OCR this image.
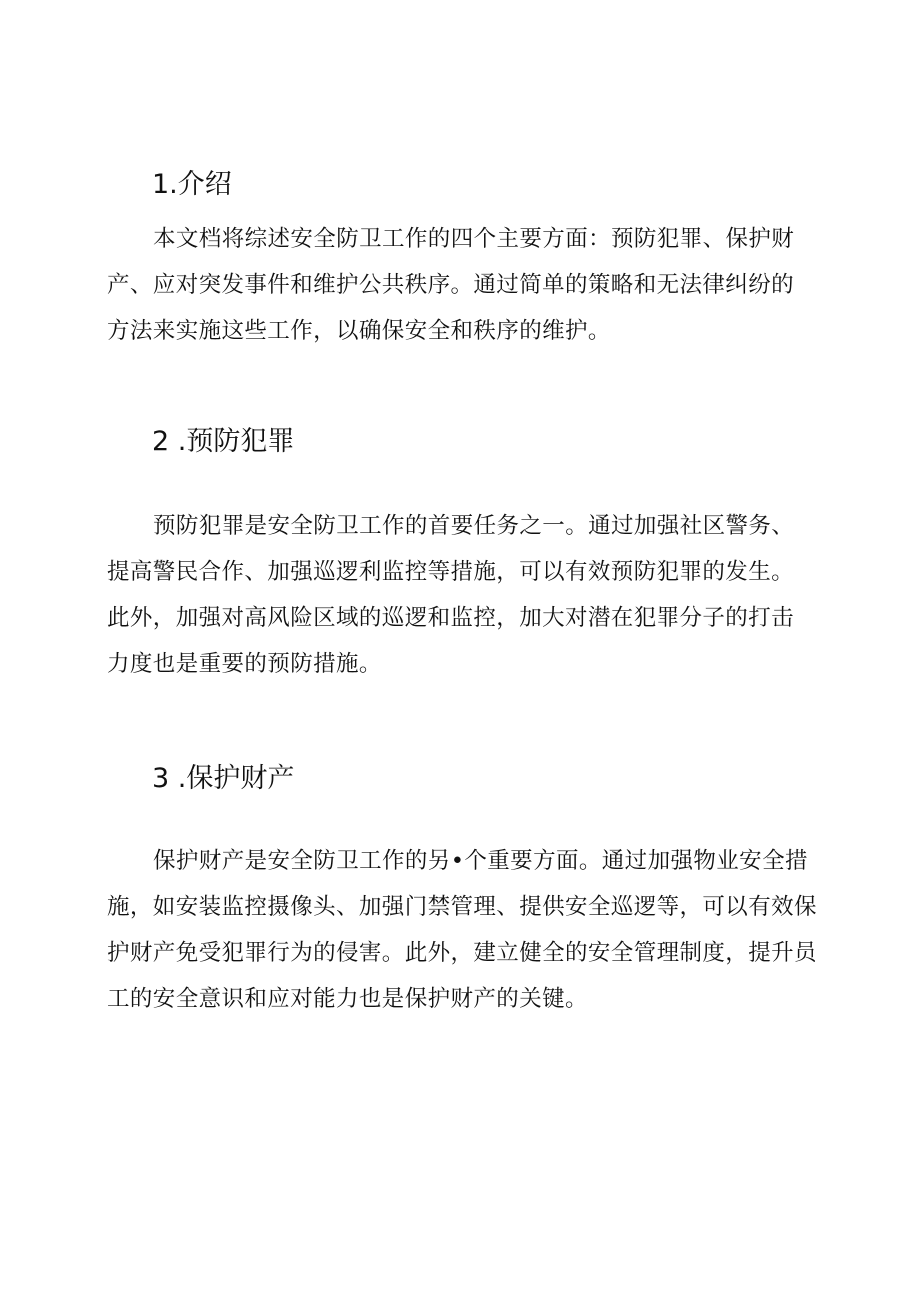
1.介绍
本文档将综述安全防卫工作的四个主要方面：预防犯罪、保护财
产、应对突发事件和维护公共秩序。通过简单的策略和无法律纠纷的
方法来实施这些工作，以确保安全和秩序的维护。
2 .预防犯罪
预防犯罪是安全防卫工作的首要任务之一。通过加强社区警务、
提高警民合作、加强巡逻利监控等措施，可以有效预防犯罪的发生。
此外，加强对高风险区域的巡逻和监控，加大对潜在犯罪分子的打击
力度也是重要的预防措施。
3 .保护财产
保护财产是安全防卫工作的另•个重要方面。通过加强物业安全措
施，如安装监控摄像头、加强门禁管理、提供安全巡逻等，可以有效保
护财产免受犯罪行为的侵害。此外，建立健全的安全管理制度，提升员
工的安全意识和应对能力也是保护财产的关键。
